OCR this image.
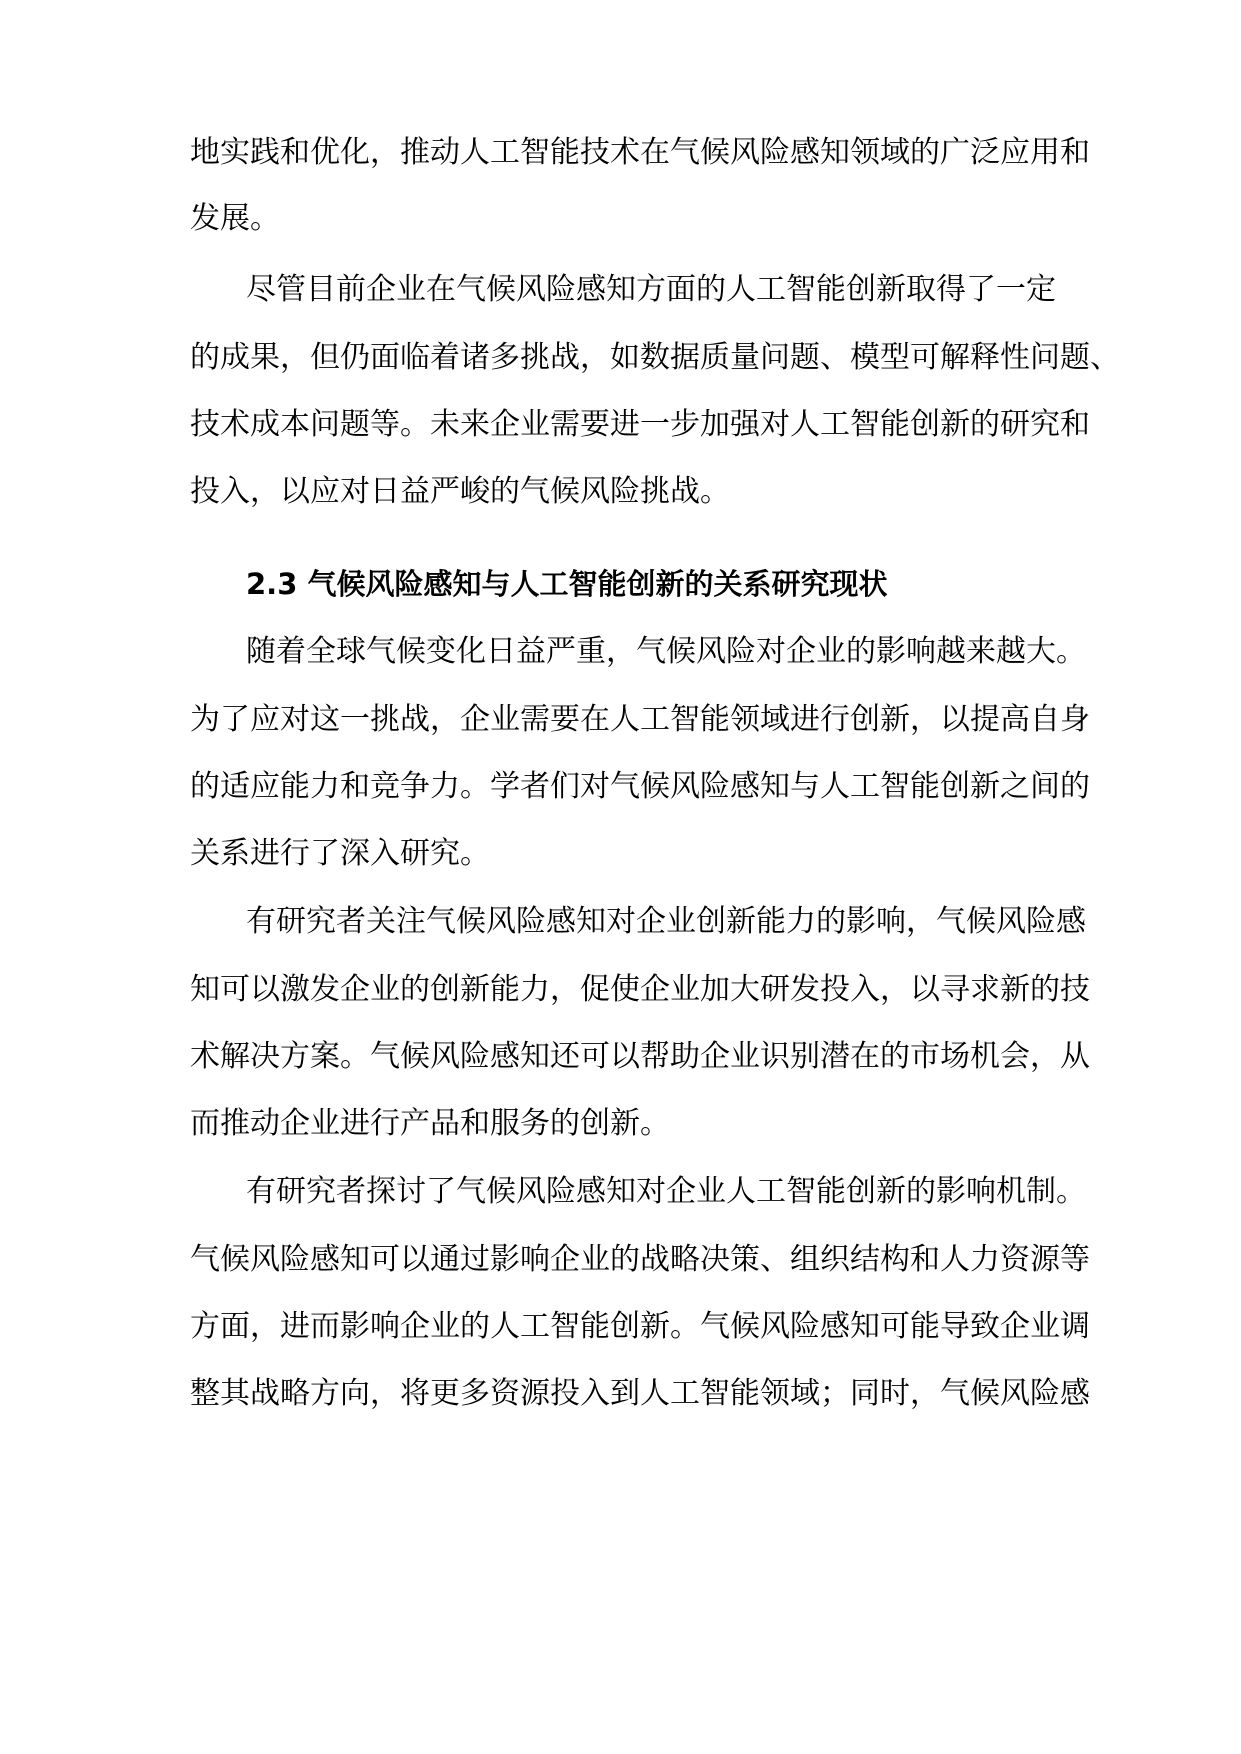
地实践和优化，推动人工智能技术在气候风险感知领域的广泛应用和
发展。
尽管目前企业在气候风险感知方面的人工智能创新取得了一定
的成果，但仍面临着诸多挑战，如数据质量问题、模型可解释性问题、
技术成本问题等。未来企业需要进一步加强对人工智能创新的研究和
投入，以应对日益严峻的气候风险挑战。
2.3 气候风险感知与人工智能创新的关系研究现状
随着全球气候变化日益严重，气候风险对企业的影响越来越大。
为了应对这一挑战，企业需要在人工智能领域进行创新，以提高自身
的适应能力和竞争力。学者们对气候风险感知与人工智能创新之间的
关系进行了深入研究。
有研究者关注气候风险感知对企业创新能力的影响，气候风险感
知可以激发企业的创新能力，促使企业加大研发投入，以寻求新的技
术解决方案。气候风险感知还可以帮助企业识别潜在的市场机会，从
而推动企业进行产品和服务的创新。
有研究者探讨了气候风险感知对企业人工智能创新的影响机制。
气候风险感知可以通过影响企业的战略决策、组织结构和人力资源等
方面，进而影响企业的人工智能创新。气候风险感知可能导致企业调
整其战略方向，将更多资源投入到人工智能领域；同时，气候风险感
